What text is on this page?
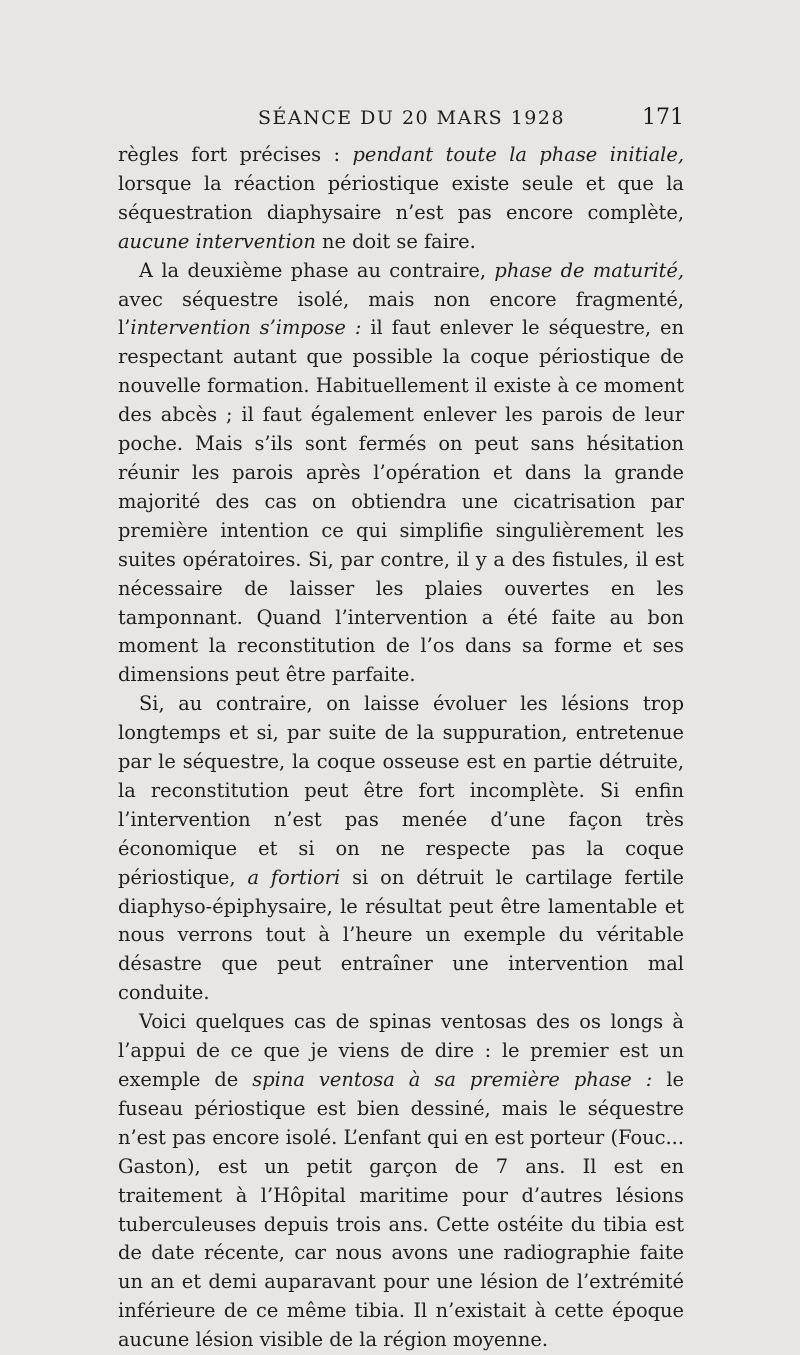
SÉANCE DU 20 MARS 1928	171

règles fort précises : pendant toute la phase initiale, lorsque la réaction périostique existe seule et que la séquestration diaphysaire n’est pas encore complète, aucune intervention ne doit se faire.

A la deuxième phase au contraire, phase de maturité, avec séquestre isolé, mais non encore fragmenté, l’intervention s’impose : il faut enlever le séquestre, en respectant autant que possible la coque périostique de nouvelle formation. Habituellement il existe à ce moment des abcès ; il faut également enlever les parois de leur poche. Mais s’ils sont fermés on peut sans hésitation réunir les parois après l’opération et dans la grande majorité des cas on obtiendra une cicatrisation par première intention ce qui simplifie singulièrement les suites opératoires. Si, par contre, il y a des fistules, il est nécessaire de laisser les plaies ouvertes en les tamponnant. Quand l’intervention a été faite au bon moment la reconstitution de l’os dans sa forme et ses dimensions peut être parfaite.

Si, au contraire, on laisse évoluer les lésions trop longtemps et si, par suite de la suppuration, entretenue par le séquestre, la coque osseuse est en partie détruite, la reconstitution peut être fort incomplète. Si enfin l’intervention n’est pas menée d’une façon très économique et si on ne respecte pas la coque périostique, a fortiori si on détruit le cartilage fertile diaphyso-épiphysaire, le résultat peut être lamentable et nous verrons tout à l’heure un exemple du véritable désastre que peut entraîner une intervention mal conduite.

Voici quelques cas de spinas ventosas des os longs à l’appui de ce que je viens de dire : le premier est un exemple de spina ventosa à sa première phase : le fuseau périostique est bien dessiné, mais le séquestre n’est pas encore isolé. L’enfant qui en est porteur (Fouc... Gaston), est un petit garçon de 7 ans. Il est en traitement à l’Hôpital maritime pour d’autres lésions tuberculeuses depuis trois ans. Cette ostéite du tibia est de date récente, car nous avons une radiographie faite un an et demi auparavant pour une lésion de l’extrémité inférieure de ce même tibia. Il n’existait à cette époque aucune lésion visible de la région moyenne.
